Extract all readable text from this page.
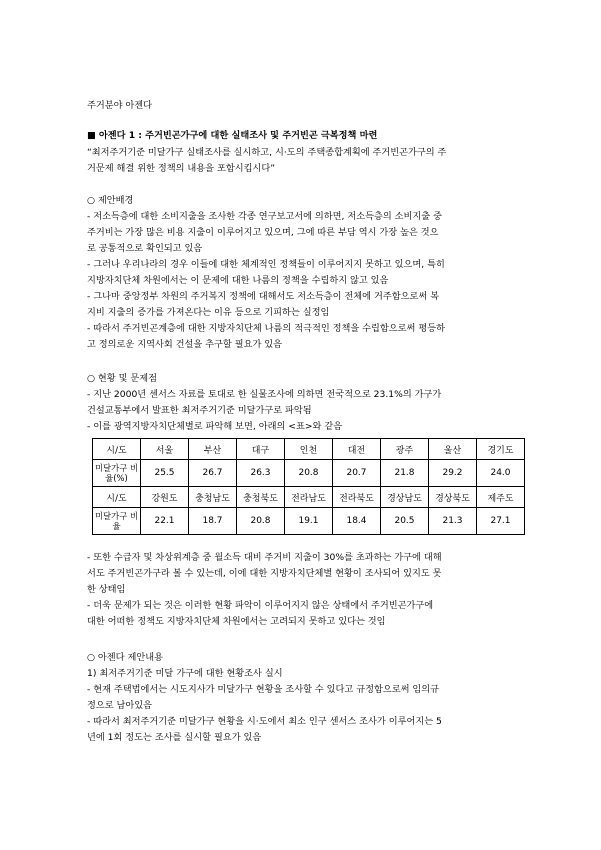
주거분야 아젠다
■ 아젠다 1 : 주거빈곤가구에 대한 실태조사 및 주거빈곤 극복정책 마련
“최저주거기준 미달가구 실태조사를 실시하고, 시·도의 주택종합계획에 주거빈곤가구의 주
거문제 해결 위한 정책의 내용을 포함시킵시다”
○ 제안배경
- 저소득층에 대한 소비지출을 조사한 각종 연구보고서에 의하면, 저소득층의 소비지출 중
주거비는 가장 많은 비용 지출이 이루어지고 있으며, 그에 따른 부담 역시 가장 높은 것으
로 공통적으로 확인되고 있음
- 그러나 우리나라의 경우 이들에 대한 체계적인 정책들이 이루어지지 못하고 있으며, 특히
지방자치단체 차원에서는 이 문제에 대한 나름의 정책을 수립하지 않고 있음
- 그나마 중앙정부 차원의 주거복지 정책에 대해서도 저소득층이 전체에 거주함으로써 복
지비 지출의 증가를 가져온다는 이유 등으로 기피하는 실정임
- 따라서 주거빈곤계층에 대한 지방자치단체 나름의 적극적인 정책을 수립함으로써 평등하
고 정의로운 지역사회 건설을 추구할 필요가 있음
○ 현황 및 문제점
- 지난 2000년 센서스 자료를 토대로 한 실물조사에 의하면 전국적으로 23.1%의 가구가
건설교통부에서 발표한 최저주거기준 미달가구로 파악됨
- 이를 광역지방자치단체별로 파악해 보면, 아래의 <표>와 같음
시/도	서울	부산	대구	인천	대전	광주	울산	경기도
미달가구 비율(%)	25.5	26.7	26.3	20.8	20.7	21.8	29.2	24.0
시/도	강원도	충청남도	충청북도	전라남도	전라북도	경상남도	경상북도	제주도
미달가구 비율	22.1	18.7	20.8	19.1	18.4	20.5	21.3	27.1
- 또한 수급자 및 차상위계층 중 월소득 대비 주거비 지출이 30%를 초과하는 가구에 대해
서도 주거빈곤가구라 볼 수 있는데, 이에 대한 지방자치단체별 현황이 조사되어 있지도 못
한 상태임
- 더욱 문제가 되는 것은 이러한 현황 파악이 이루어지지 않은 상태에서 주거빈곤가구에
대한 어떠한 정책도 지방자치단체 차원에서는 고려되지 못하고 있다는 것임
○ 아젠다 제안내용
1) 최저주거기준 미달 가구에 대한 현황조사 실시
- 현재 주택법에서는 시도지사가 미달가구 현황을 조사할 수 있다고 규정함으로써 임의규
정으로 남아있음
- 따라서 최저주거기준 미달가구 현황을 시·도에서 최소 인구 센서스 조사가 이루어지는 5
년에 1회 정도는 조사를 실시할 필요가 있음
